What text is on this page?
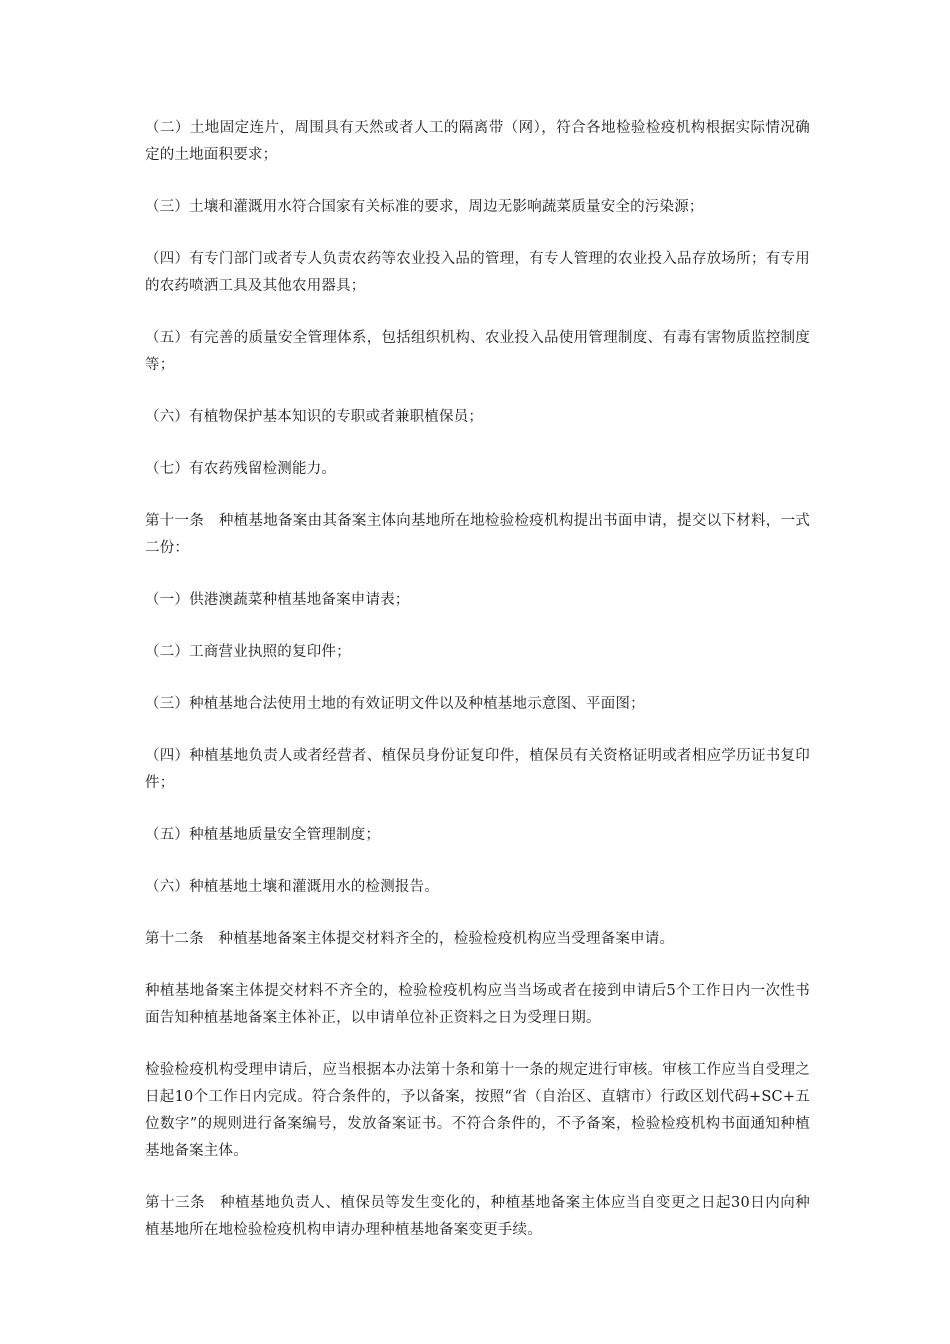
（二）土地固定连片，周围具有天然或者人工的隔离带（网），符合各地检验检疫机构根据实际情况确定的土地面积要求；

（三）土壤和灌溉用水符合国家有关标准的要求，周边无影响蔬菜质量安全的污染源；

（四）有专门部门或者专人负责农药等农业投入品的管理，有专人管理的农业投入品存放场所；有专用的农药喷洒工具及其他农用器具；

（五）有完善的质量安全管理体系，包括组织机构、农业投入品使用管理制度、有毒有害物质监控制度等；

（六）有植物保护基本知识的专职或者兼职植保员；

（七）有农药残留检测能力。

第十一条　种植基地备案由其备案主体向基地所在地检验检疫机构提出书面申请，提交以下材料，一式二份：

（一）供港澳蔬菜种植基地备案申请表；

（二）工商营业执照的复印件；

（三）种植基地合法使用土地的有效证明文件以及种植基地示意图、平面图；

（四）种植基地负责人或者经营者、植保员身份证复印件，植保员有关资格证明或者相应学历证书复印件；

（五）种植基地质量安全管理制度；

（六）种植基地土壤和灌溉用水的检测报告。

第十二条　种植基地备案主体提交材料齐全的，检验检疫机构应当受理备案申请。

种植基地备案主体提交材料不齐全的，检验检疫机构应当当场或者在接到申请后5个工作日内一次性书面告知种植基地备案主体补正，以申请单位补正资料之日为受理日期。

检验检疫机构受理申请后，应当根据本办法第十条和第十一条的规定进行审核。审核工作应当自受理之日起10个工作日内完成。符合条件的，予以备案，按照“省（自治区、直辖市）行政区划代码+SC+五位数字”的规则进行备案编号，发放备案证书。不符合条件的，不予备案，检验检疫机构书面通知种植基地备案主体。

第十三条　种植基地负责人、植保员等发生变化的，种植基地备案主体应当自变更之日起30日内向种植基地所在地检验检疫机构申请办理种植基地备案变更手续。
